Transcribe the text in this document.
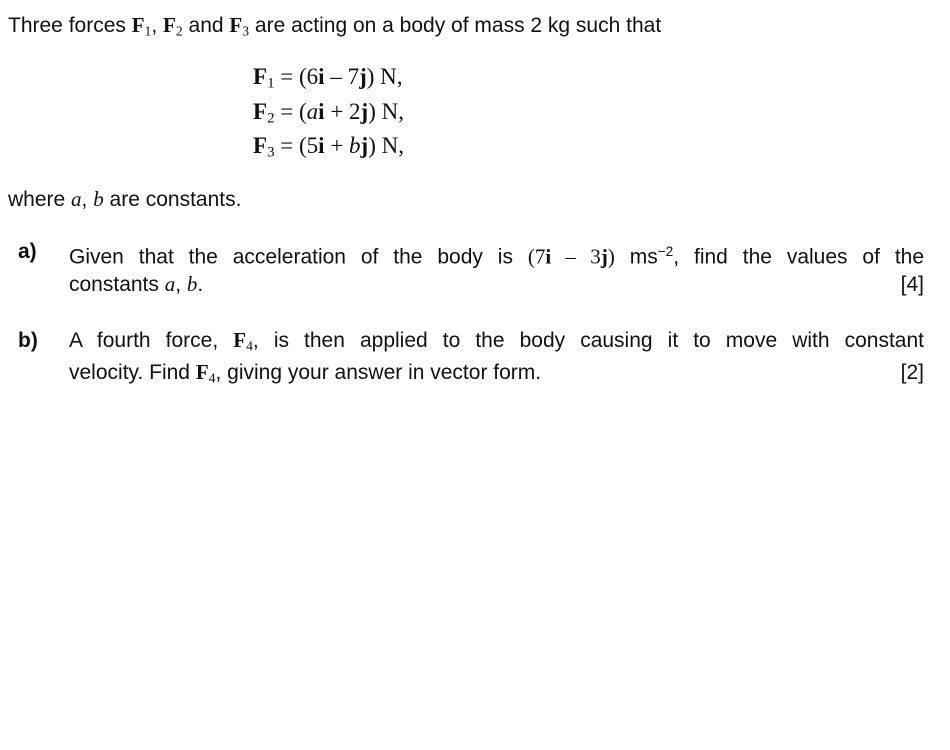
Three forces $F_1$, $F_2$ and $F_3$ are acting on a body of mass 2 kg such that
$F_1 = (6i - 7j)$ N,
$F_2 = (ai + 2j)$ N,
$F_3 = (5i + bj)$ N,
where a, b are constants.
a) Given that the acceleration of the body is (7i – 3j) $ms^{-2}$, find the values of the
constants a, b.	[4]
b) A fourth force, $F_4$, is then applied to the body causing it to move with constant
velocity. Find $F_4$, giving your answer in vector form.	[2]
